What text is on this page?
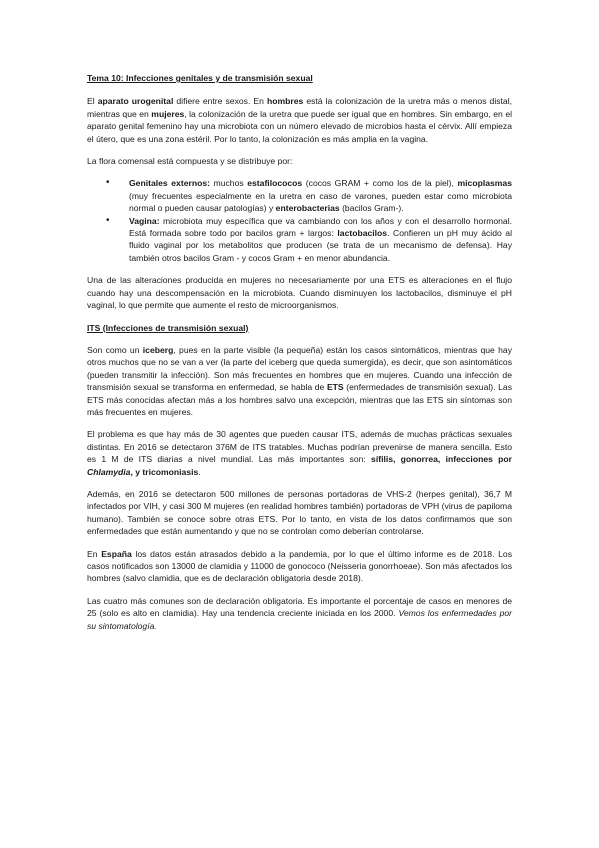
Tema 10: Infecciones genitales y de transmisión sexual

El aparato urogenital difiere entre sexos. En hombres está la colonización de la uretra más o menos distal, mientras que en mujeres, la colonización de la uretra que puede ser igual que en hombres. Sin embargo, en el aparato genital femenino hay una microbiota con un número elevado de microbios hasta el cérvix. Allí empieza el útero, que es una zona estéril. Por lo tanto, la colonización es más amplia en la vagina.

La flora comensal está compuesta y se distribuye por:

• Genitales externos: muchos estafilococos (cocos GRAM + como los de la piel), micoplasmas (muy frecuentes especialmente en la uretra en caso de varones, pueden estar como microbiota normal o pueden causar patologías) y enterobacterias (bacilos Gram-).
• Vagina: microbiota muy específica que va cambiando con los años y con el desarrollo hormonal. Está formada sobre todo por bacilos gram + largos: lactobacilos. Confieren un pH muy ácido al fluido vaginal por los metabolitos que producen (se trata de un mecanismo de defensa). Hay también otros bacilos Gram - y cocos Gram + en menor abundancia.

Una de las alteraciones producida en mujeres no necesariamente por una ETS es alteraciones en el flujo cuando hay una descompensación en la microbiota. Cuando disminuyen los lactobacilos, disminuye el pH vaginal, lo que permite que aumente el resto de microorganismos.

ITS (Infecciones de transmisión sexual)

Son como un iceberg, pues en la parte visible (la pequeña) están los casos sintomáticos, mientras que hay otros muchos que no se van a ver (la parte del iceberg que queda sumergida), es decir, que son asintomáticos (pueden transmitir la infección). Son más frecuentes en hombres que en mujeres. Cuando una infección de transmisión sexual se transforma en enfermedad, se habla de ETS (enfermedades de transmisión sexual). Las ETS más conocidas afectan más a los hombres salvo una excepción, mientras que las ETS sin síntomas son más frecuentes en mujeres.

El problema es que hay más de 30 agentes que pueden causar ITS, además de muchas prácticas sexuales distintas. En 2016 se detectaron 376M de ITS tratables. Muchas podrían prevenirse de manera sencilla. Esto es 1 M de ITS diarias a nivel mundial. Las más importantes son: sífilis, gonorrea, infecciones por Chlamydia, y tricomoniasis.

Además, en 2016 se detectaron 500 millones de personas portadoras de VHS-2 (herpes genital), 36,7 M infectados por VIH, y casi 300 M mujeres (en realidad hombres también) portadoras de VPH (virus de papiloma humano). También se conoce sobre otras ETS. Por lo tanto, en vista de los datos confirmamos que son enfermedades que están aumentando y que no se controlan como deberían controlarse.

En España los datos están atrasados debido a la pandemia, por lo que el último informe es de 2018. Los casos notificados son 13000 de clamidia y 11000 de gonococo (Neisseria gonorrhoeae). Son más afectados los hombres (salvo clamidia, que es de declaración obligatoria desde 2018).

Las cuatro más comunes son de declaración obligatoria. Es importante el porcentaje de casos en menores de 25 (solo es alto en clamidia). Hay una tendencia creciente iniciada en los 2000. Vemos los enfermedades por su sintomatología.
